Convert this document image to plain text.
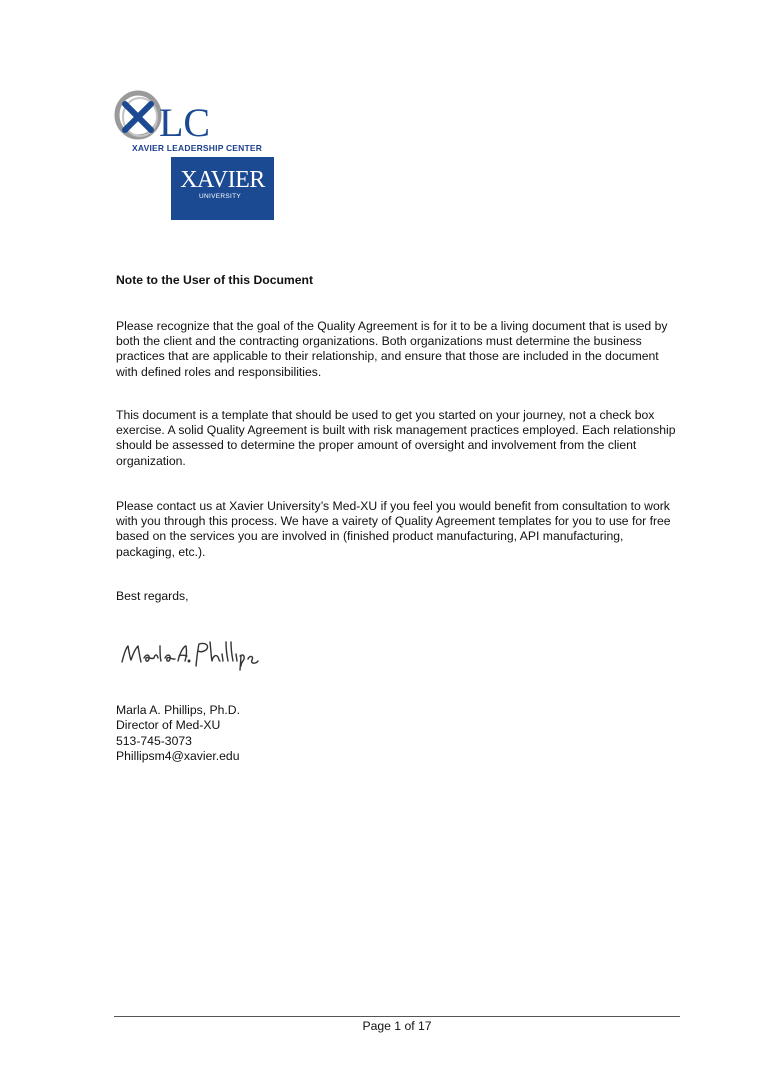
LC
XAVIER LEADERSHIP CENTER
XAVIER
UNIVERSITY
Note to the User of this Document

Please recognize that the goal of the Quality Agreement is for it to be a living document that is used by both the client and the contracting organizations. Both organizations must determine the business practices that are applicable to their relationship, and ensure that those are included in the document with defined roles and responsibilities.

This document is a template that should be used to get you started on your journey, not a check box exercise. A solid Quality Agreement is built with risk management practices employed. Each relationship should be assessed to determine the proper amount of oversight and involvement from the client organization.

Please contact us at Xavier University’s Med-XU if you feel you would benefit from consultation to work with you through this process. We have a vairety of Quality Agreement templates for you to use for free based on the services you are involved in (finished product manufacturing, API manufacturing, packaging, etc.).

Best regards,
Marla A. Phillips, Ph.D.
Director of Med-XU
513-745-3073
Phillipsm4@xavier.edu
Page 1 of 17
